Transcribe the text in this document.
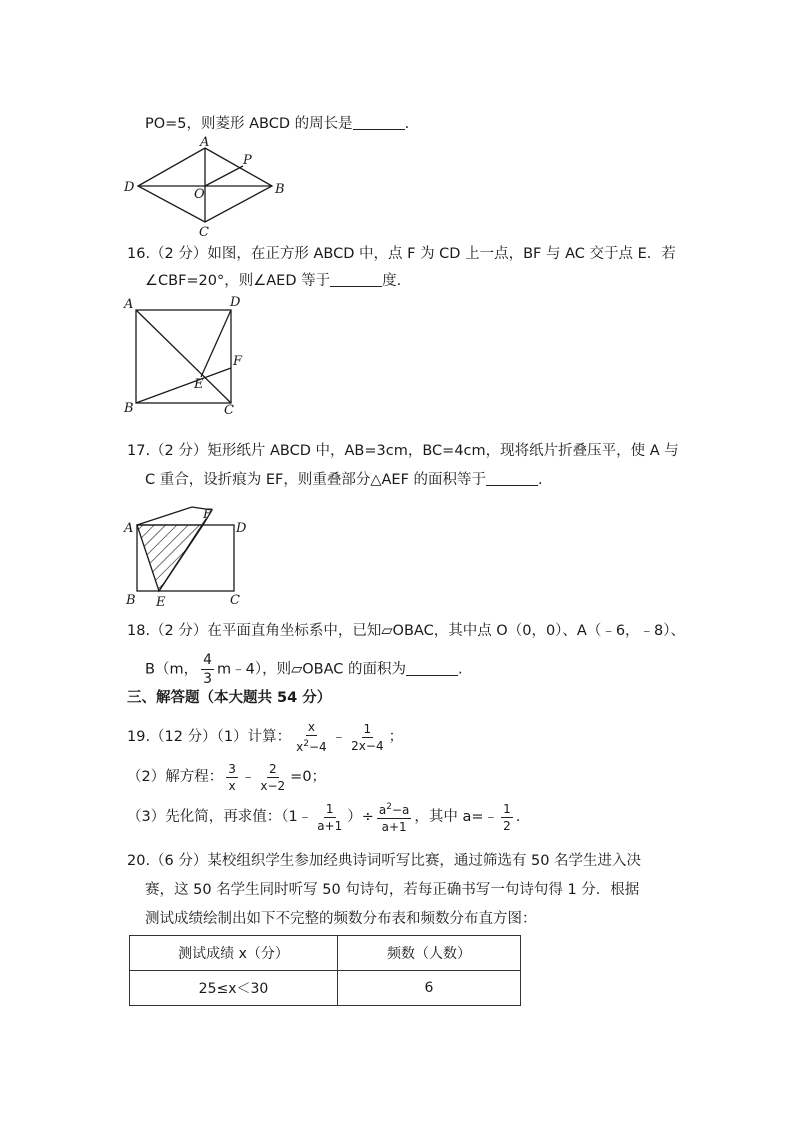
PO=5，则菱形 ABCD 的周长是	.
A
P
D	O	B
C
16.（2 分）如图，在正方形 ABCD 中，点 F 为 CD 上一点，BF 与 AC 交于点 E．若
∠CBF=20°，则∠AED 等于	度.
A	D
F
E
B	C
17.（2 分）矩形纸片 ABCD 中，AB=3cm，BC=4cm，现将纸片折叠压平，使 A 与
C 重合，设折痕为 EF，则重叠部分△AEF 的面积等于	.
A
F
D
B E	C
18.（2 分）在平面直角坐标系中，已知▱OBAC，其中点 O（0，0）、A（﹣6，﹣8）、
B（m， $\frac{4}{3}$ m﹣4），则▱OBAC 的面积为	.
三、解答题（本大题共 54 分）
19.（12 分）（1）计算： $\frac{x}{x^2-4}$ ﹣ $\frac{1}{2x-4}$ ；
（2）解方程： $\frac{3}{x}$ ﹣ $\frac{2}{x-2} =0$；
（3）先化简，再求值：（1﹣ $\frac{1}{a+1}$ ）÷ $\frac{a^2-a}{a+1}$ ，其中 a=﹣ $\frac{1}{2}$ .
20.（6 分）某校组织学生参加经典诗词听写比赛，通过筛选有 50 名学生进入决
赛，这 50 名学生同时听写 50 句诗句，若每正确书写一句诗句得 1 分．根据
测试成绩绘制出如下不完整的频数分布表和频数分布直方图：
测试成绩 x（分）	频数（人数）
25≤x＜30	6
